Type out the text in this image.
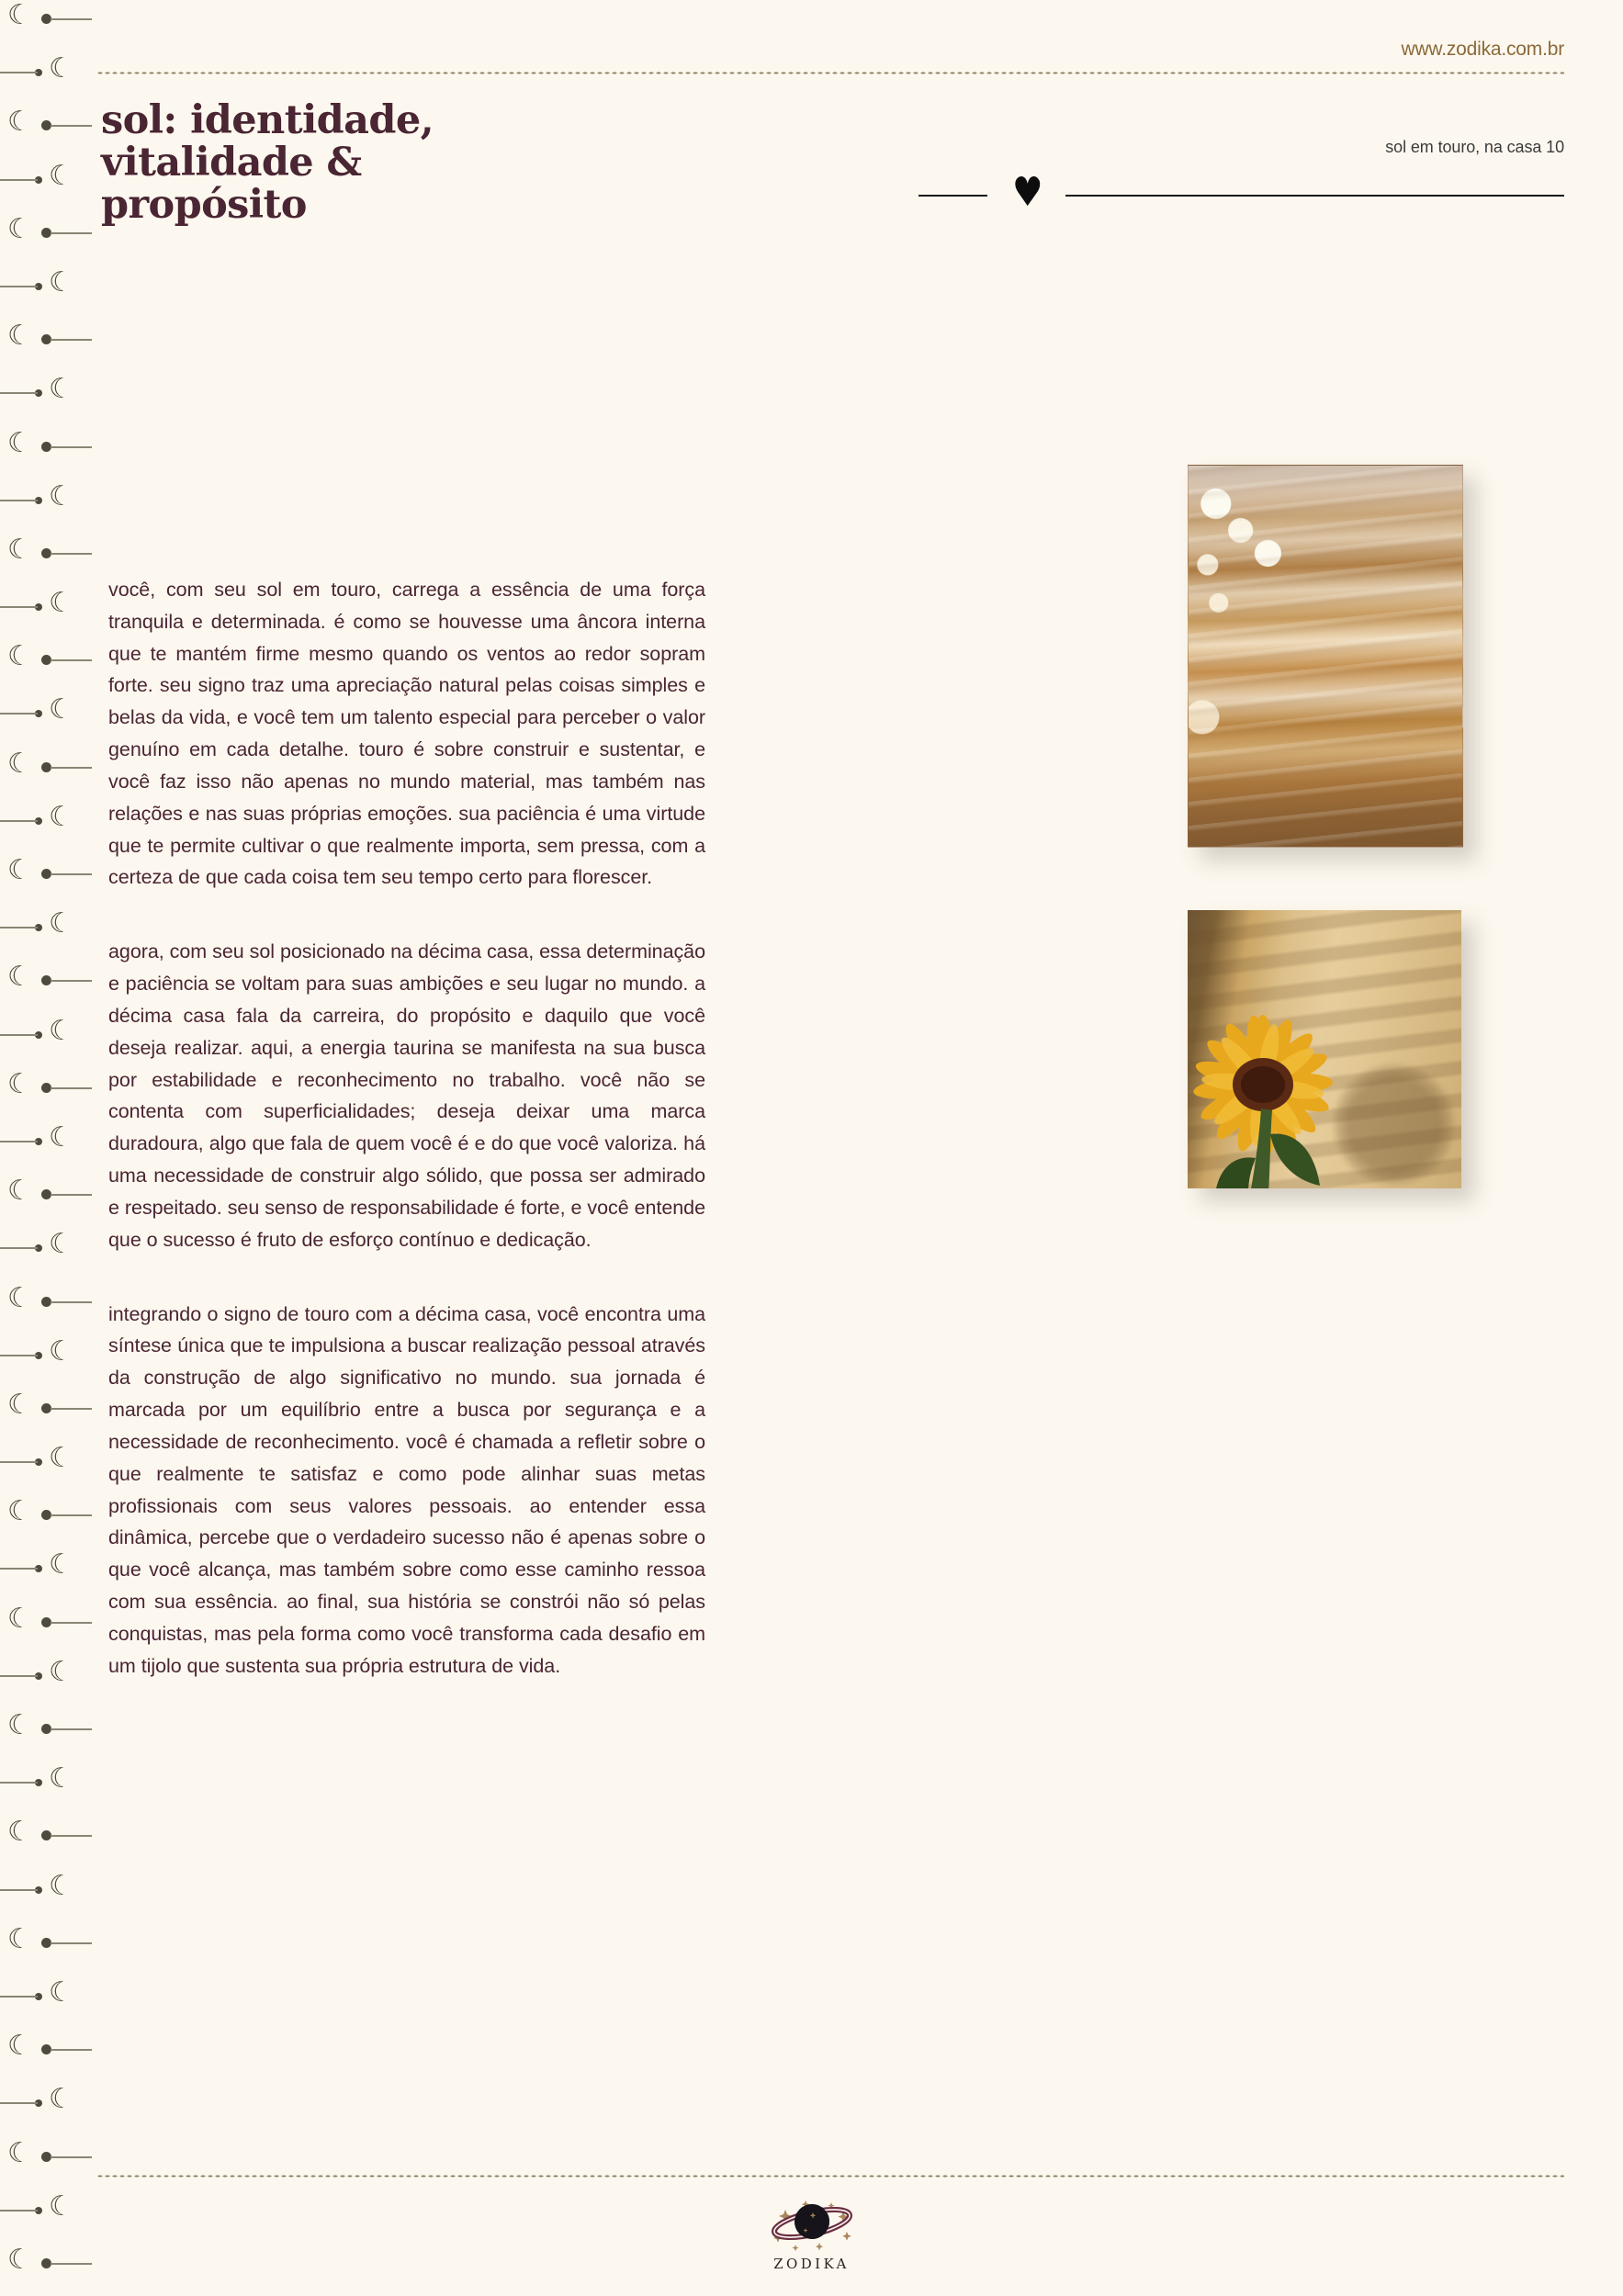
☾
☾
☾
☾
☾
☾
☾
☾
☾
☾
☾
☾
☾
☾
☾
☾
☾
☾
☾
☾
☾
☾
☾
☾
☾
☾
☾
☾
☾
☾
☾
☾
☾
☾
☾
☾
☾
☾
☾
☾
☾
☾
☾
www.zodika.com.br
sol: identidade, vitalidade & propósito
sol em touro, na casa 10
♥

você, com seu sol em touro, carrega a essência de uma força tranquila e determinada. é como se houvesse uma âncora interna que te mantém firme mesmo quando os ventos ao redor sopram forte. seu signo traz uma apreciação natural pelas coisas simples e belas da vida, e você tem um talento especial para perceber o valor genuíno em cada detalhe. touro é sobre construir e sustentar, e você faz isso não apenas no mundo material, mas também nas relações e nas suas próprias emoções. sua paciência é uma virtude que te permite cultivar o que realmente importa, sem pressa, com a certeza de que cada coisa tem seu tempo certo para florescer.

agora, com seu sol posicionado na décima casa, essa determinação e paciência se voltam para suas ambições e seu lugar no mundo. a décima casa fala da carreira, do propósito e daquilo que você deseja realizar. aqui, a energia taurina se manifesta na sua busca por estabilidade e reconhecimento no trabalho. você não se contenta com superficialidades; deseja deixar uma marca duradoura, algo que fala de quem você é e do que você valoriza. há uma necessidade de construir algo sólido, que possa ser admirado e respeitado. seu senso de responsabilidade é forte, e você entende que o sucesso é fruto de esforço contínuo e dedicação.

integrando o signo de touro com a décima casa, você encontra uma síntese única que te impulsiona a buscar realização pessoal através da construção de algo significativo no mundo. sua jornada é marcada por um equilíbrio entre a busca por segurança e a necessidade de reconhecimento. você é chamada a refletir sobre o que realmente te satisfaz e como pode alinhar suas metas profissionais com seus valores pessoais. ao entender essa dinâmica, percebe que o verdadeiro sucesso não é apenas sobre o que você alcança, mas também sobre como esse caminho ressoa com sua essência. ao final, sua história se constrói não só pelas conquistas, mas pela forma como você transforma cada desafio em um tijolo que sustenta sua própria estrutura de vida.

ZODIKA
